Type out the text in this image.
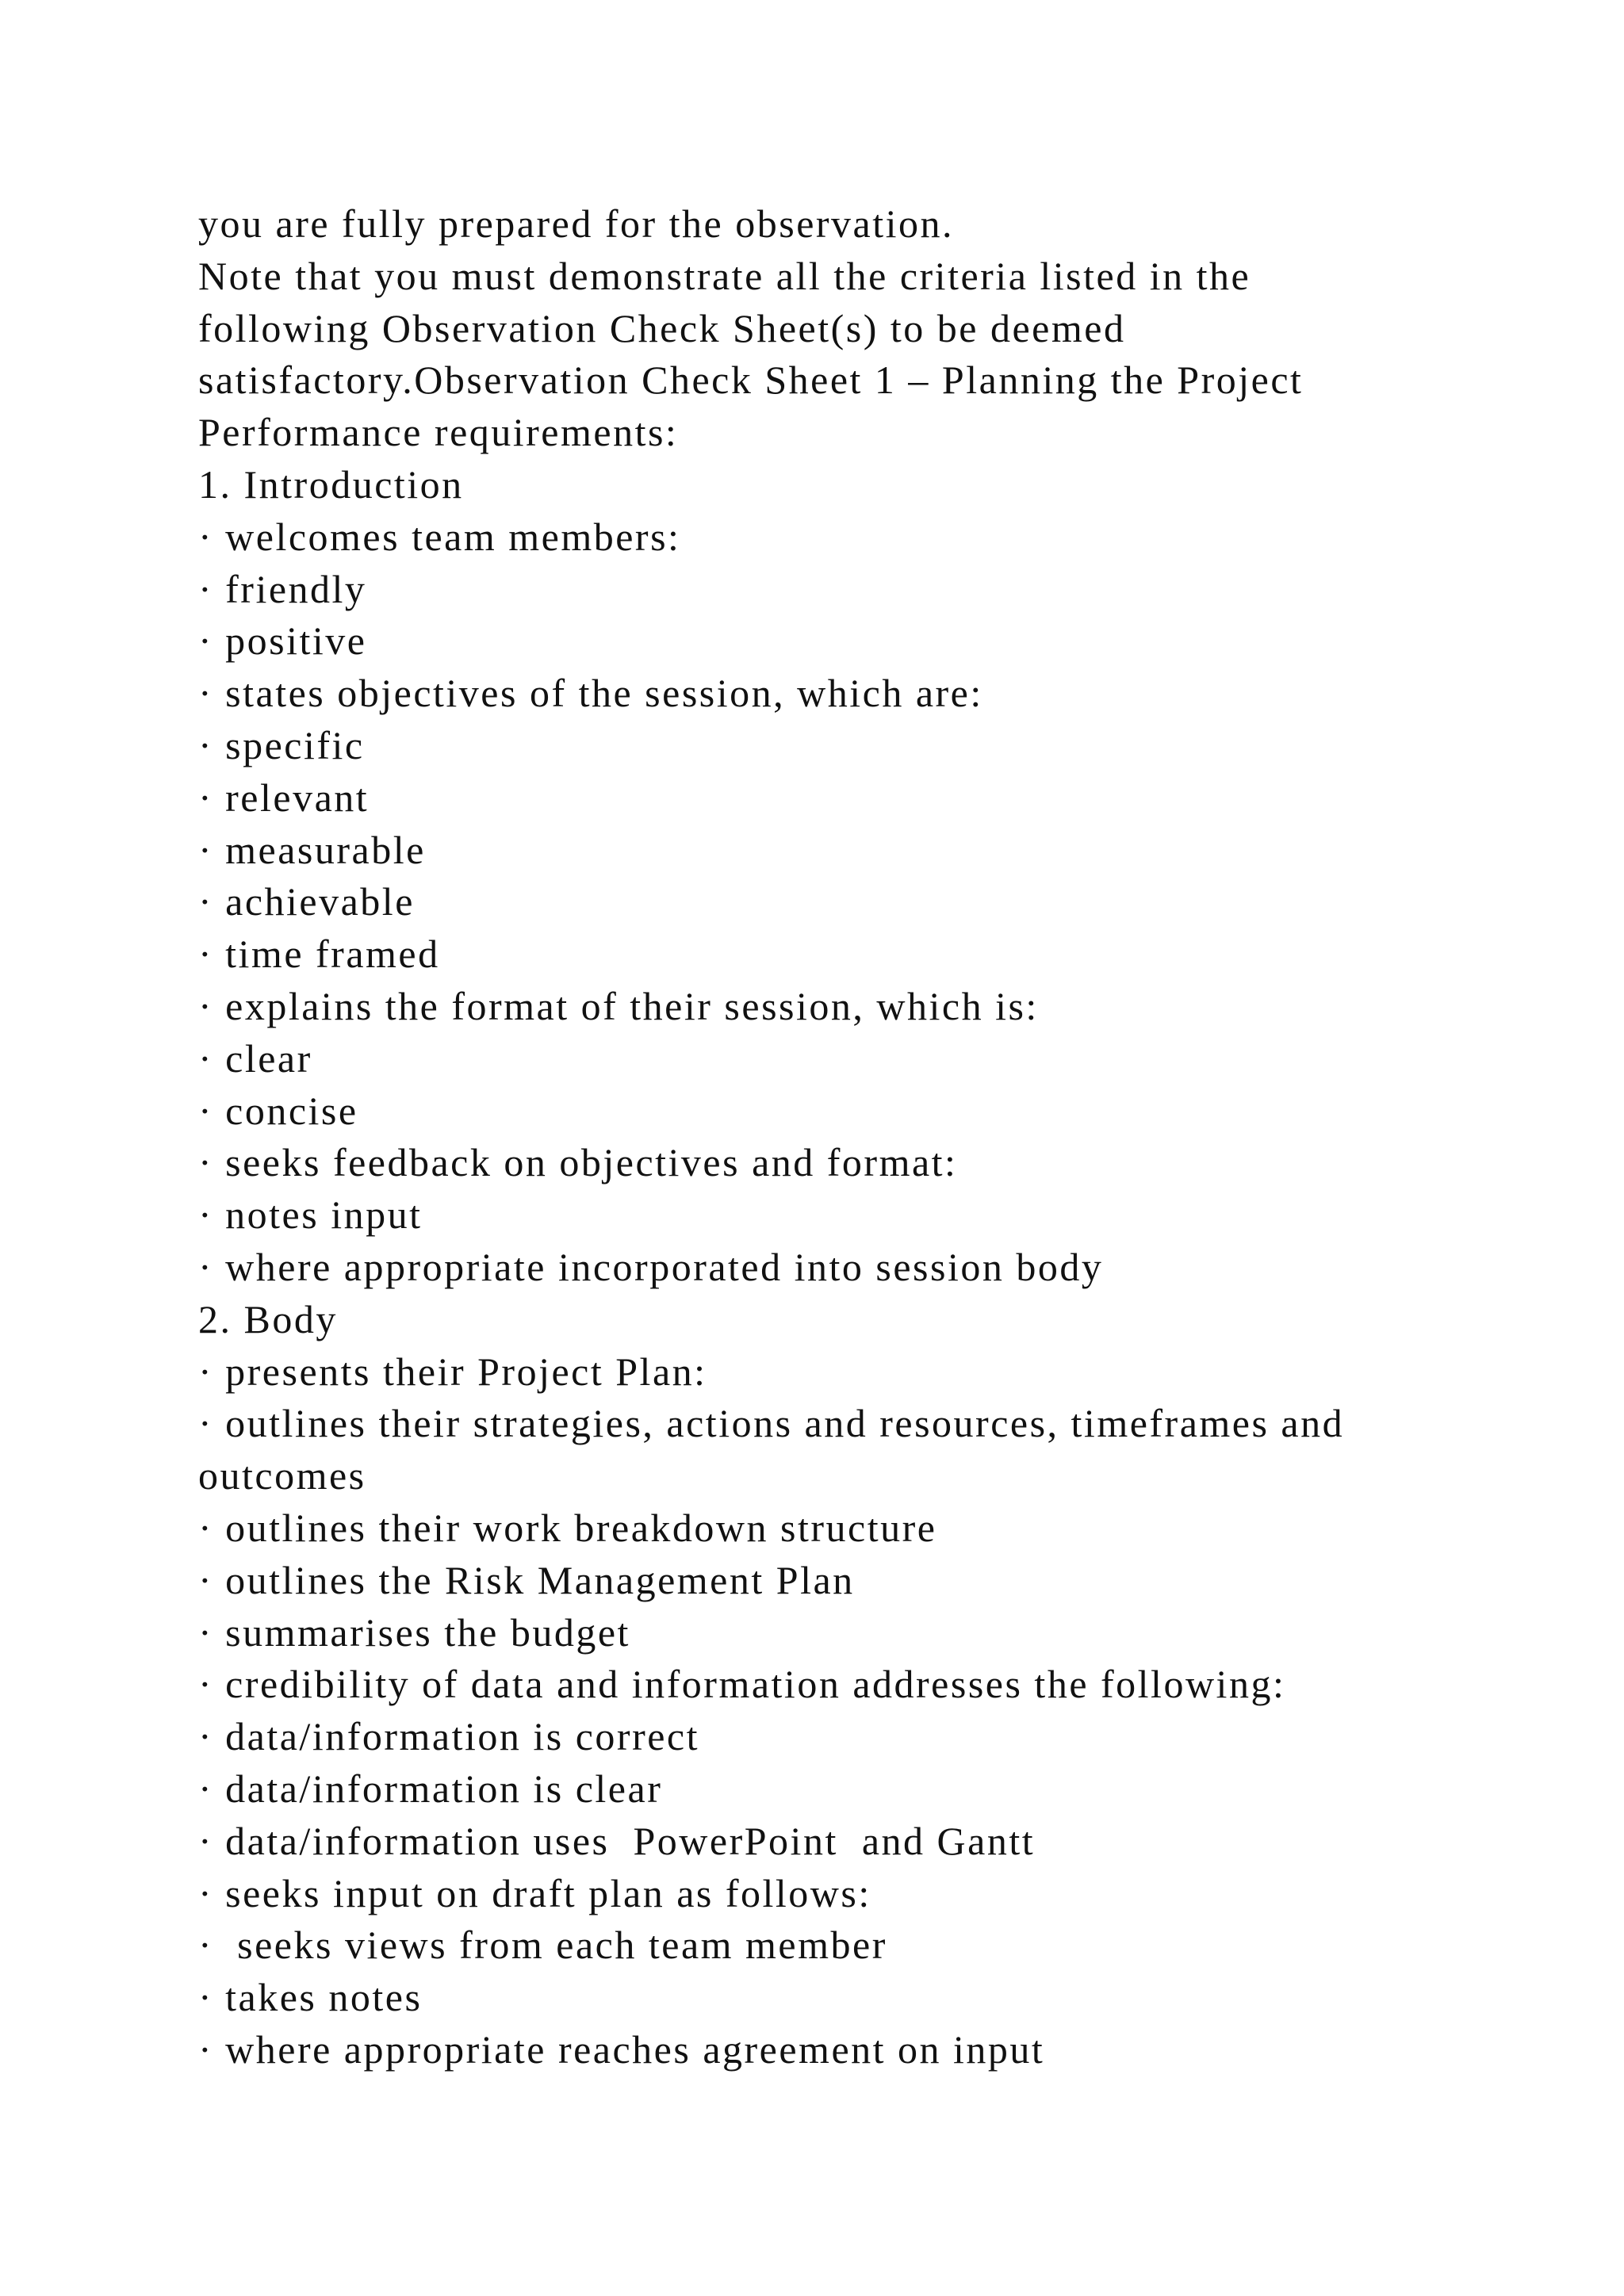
you are fully prepared for the observation.
Note that you must demonstrate all the criteria listed in the
following Observation Check Sheet(s) to be deemed
satisfactory.Observation Check Sheet 1 – Planning the Project
Performance requirements:
1. Introduction
· welcomes team members:
· friendly
· positive
· states objectives of the session, which are:
· specific
· relevant
· measurable
· achievable
· time framed
· explains the format of their session, which is:
· clear
· concise
· seeks feedback on objectives and format:
· notes input
· where appropriate incorporated into session body
2. Body
· presents their Project Plan:
· outlines their strategies, actions and resources, timeframes and
outcomes
· outlines their work breakdown structure
· outlines the Risk Management Plan
· summarises the budget
· credibility of data and information addresses the following:
· data/information is correct
· data/information is clear
· data/information uses  PowerPoint  and Gantt
· seeks input on draft plan as follows:
·  seeks views from each team member
· takes notes
· where appropriate reaches agreement on input
